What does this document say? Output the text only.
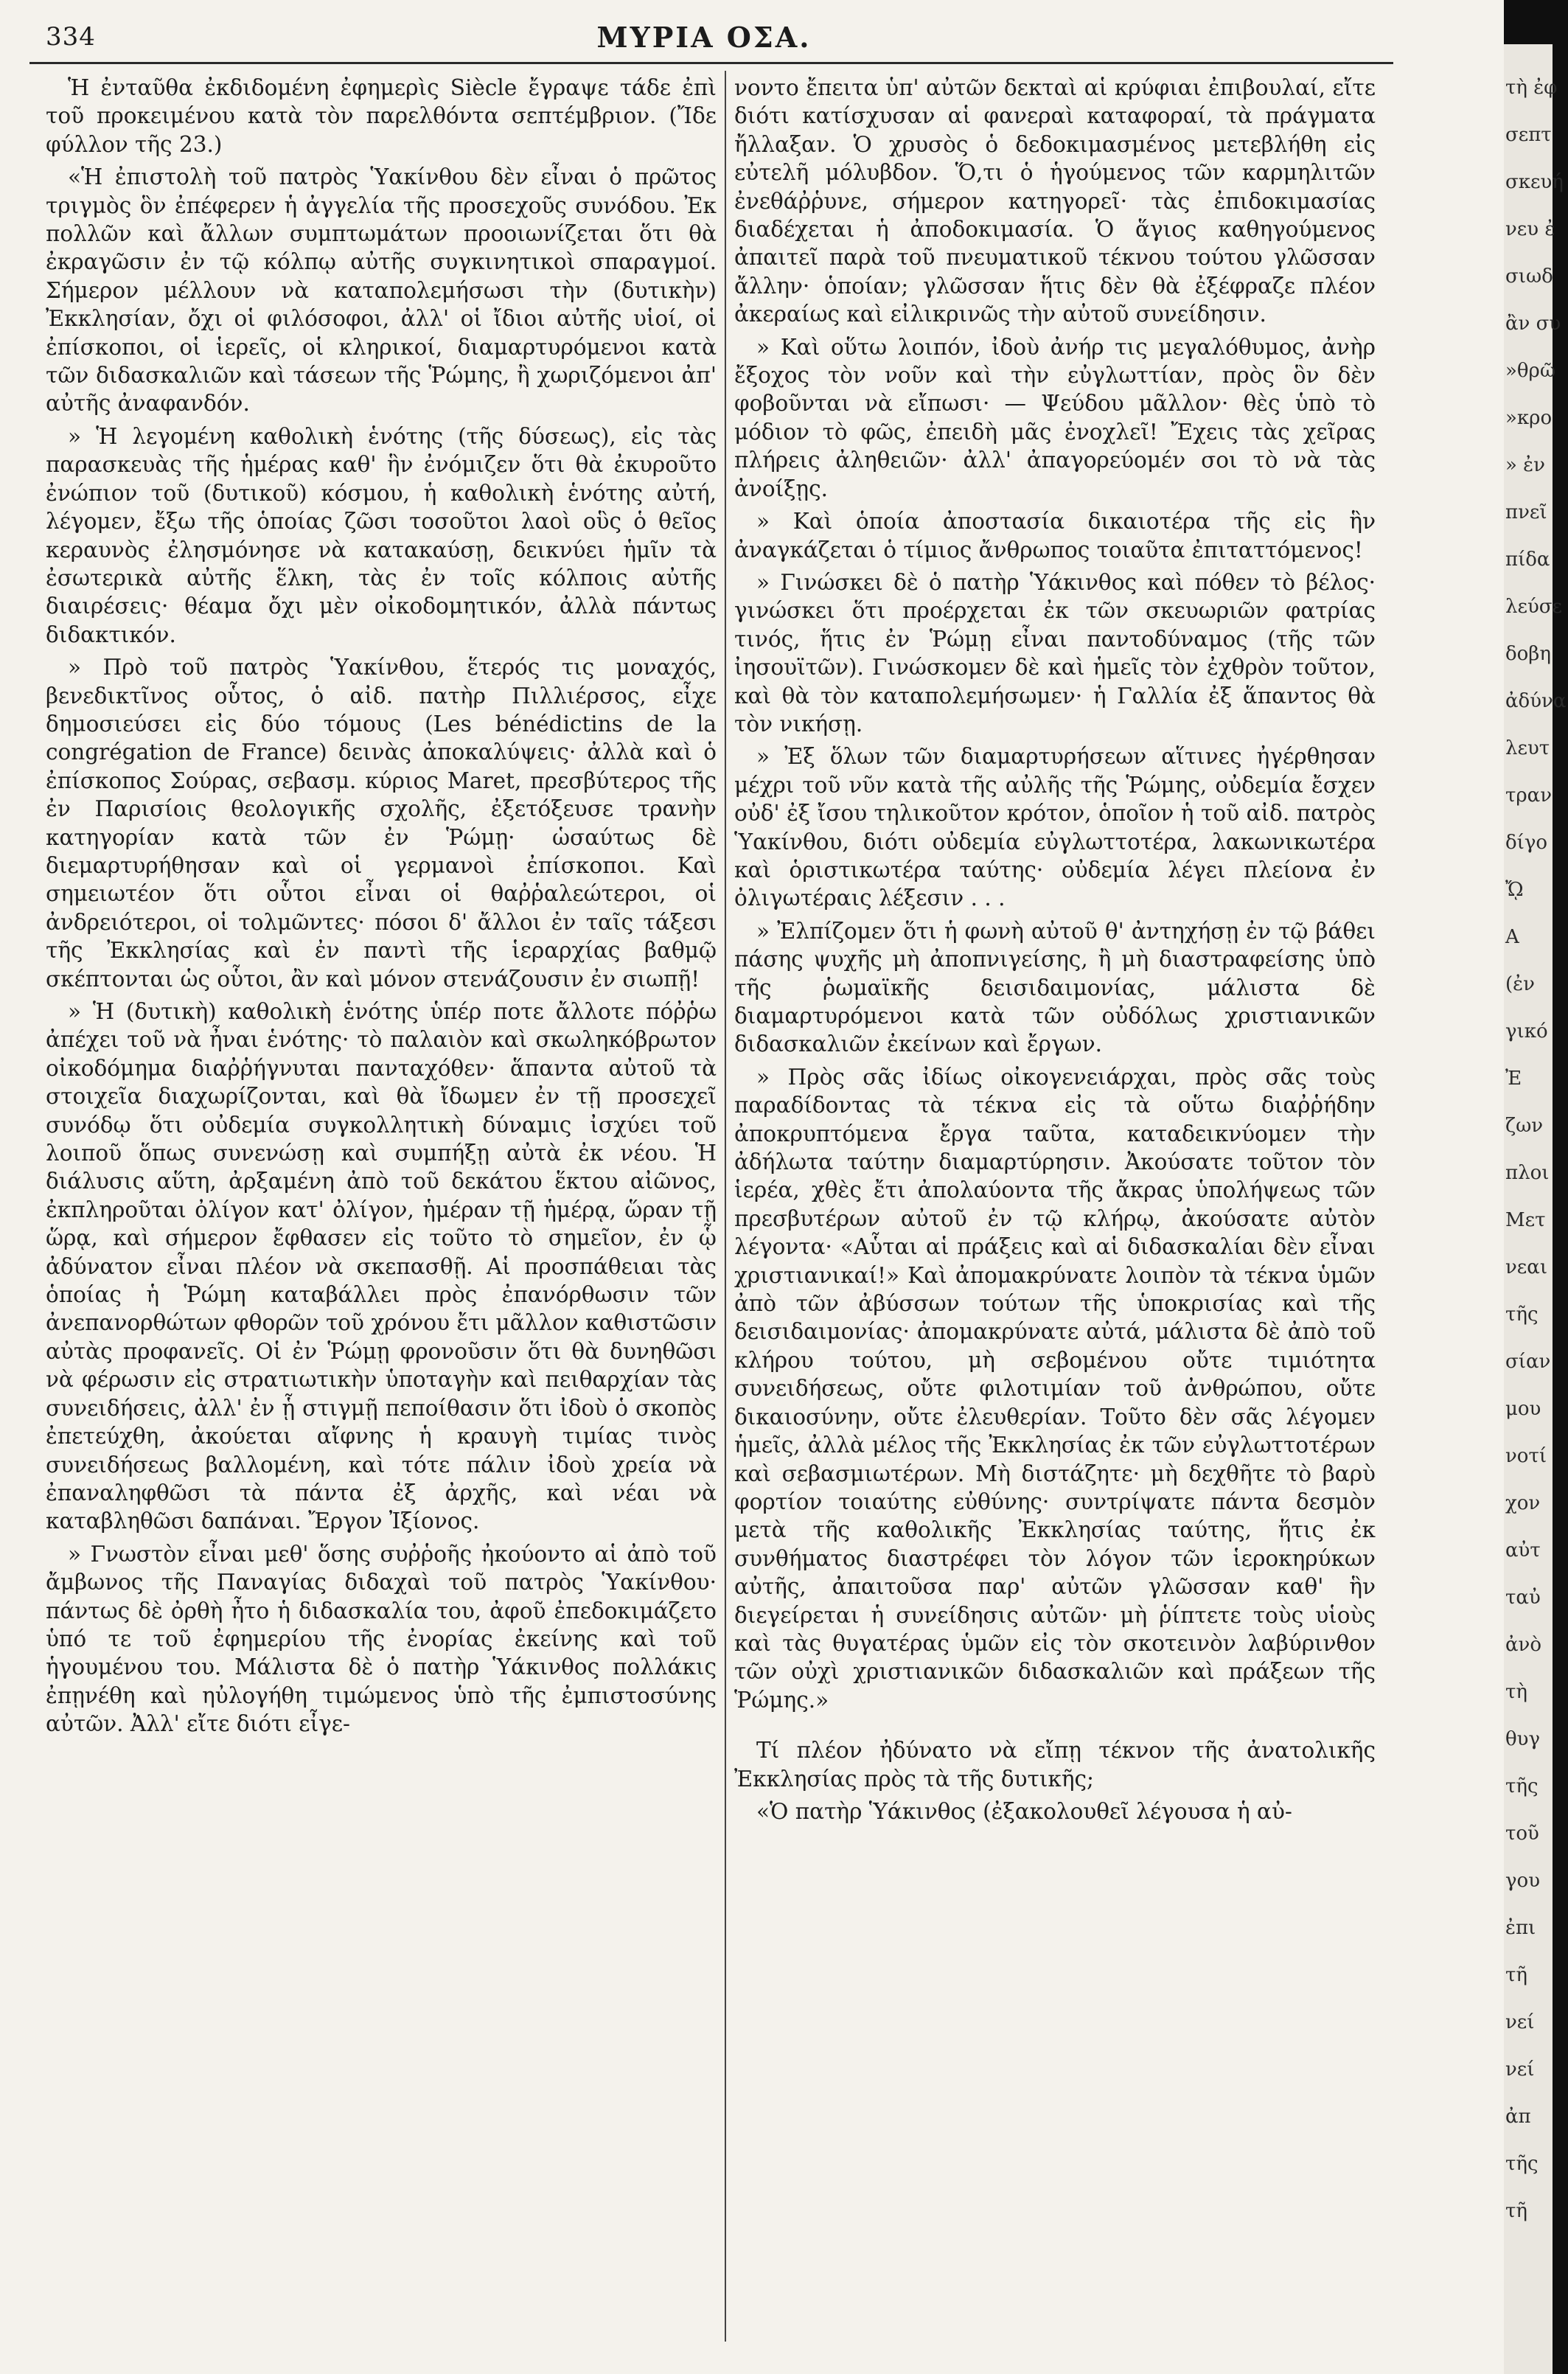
334	ΜΥΡΙΑ ΟΣΑ.

Ἡ ἐνταῦθα ἐκδιδομένη ἐφημερὶς Siècle ἔγραψε τάδε ἐπὶ τοῦ προκειμένου κατὰ τὸν παρελθόντα σεπτέμβριον. (Ἴδε φύλλον τῆς 23.)

«Ἡ ἐπιστολὴ τοῦ πατρὸς Ὑακίνθου δὲν εἶναι ὁ πρῶτος τριγμὸς ὃν ἐπέφερεν ἡ ἀγγελία τῆς προσεχοῦς συνόδου. Ἐκ πολλῶν καὶ ἄλλων συμπτωμάτων προοιωνίζεται ὅτι θὰ ἐκραγῶσιν ἐν τῷ κόλπῳ αὐτῆς συγκινητικοὶ σπαραγμοί. Σήμερον μέλλουν νὰ καταπολεμήσωσι τὴν (δυτικὴν) Ἐκκλησίαν, ὄχι οἱ φιλόσοφοι, ἀλλ' οἱ ἴδιοι αὐτῆς υἱοί, οἱ ἐπίσκοποι, οἱ ἱερεῖς, οἱ κληρικοί, διαμαρτυρόμενοι κατὰ τῶν διδασκαλιῶν καὶ τάσεων τῆς Ῥώμης, ἢ χωριζόμενοι ἀπ' αὐτῆς ἀναφανδόν.

» Ἡ λεγομένη καθολικὴ ἑνότης (τῆς δύσεως), εἰς τὰς παρασκευὰς τῆς ἡμέρας καθ' ἣν ἐνόμιζεν ὅτι θὰ ἐκυροῦτο ἐνώπιον τοῦ (δυτικοῦ) κόσμου, ἡ καθολικὴ ἑνότης αὐτή, λέγομεν, ἔξω τῆς ὁποίας ζῶσι τοσοῦτοι λαοὶ οὓς ὁ θεῖος κεραυνὸς ἐλησμόνησε νὰ κατακαύσῃ, δεικνύει ἡμῖν τὰ ἐσωτερικὰ αὐτῆς ἕλκη, τὰς ἐν τοῖς κόλποις αὐτῆς διαιρέσεις· θέαμα ὄχι μὲν οἰκοδομητικόν, ἀλλὰ πάντως διδακτικόν.

» Πρὸ τοῦ πατρὸς Ὑακίνθου, ἕτερός τις μοναχός, βενεδικτῖνος οὗτος, ὁ αἰδ. πατὴρ Πιλλιέρσος, εἶχε δημοσιεύσει εἰς δύο τόμους (Les bénédictins de la congrégation de France) δεινὰς ἀποκαλύψεις· ἀλλὰ καὶ ὁ ἐπίσκοπος Σούρας, σεβασμ. κύριος Maret, πρεσβύτερος τῆς ἐν Παρισίοις θεολογικῆς σχολῆς, ἐξετόξευσε τρανὴν κατηγορίαν κατὰ τῶν ἐν Ῥώμῃ· ὡσαύτως δὲ διεμαρτυρήθησαν καὶ οἱ γερμανοὶ ἐπίσκοποι. Καὶ σημειωτέον ὅτι οὗτοι εἶναι οἱ θαῤῥαλεώτεροι, οἱ ἀνδρειότεροι, οἱ τολμῶντες· πόσοι δ' ἄλλοι ἐν ταῖς τάξεσι τῆς Ἐκκλησίας καὶ ἐν παντὶ τῆς ἱεραρχίας βαθμῷ σκέπτονται ὡς οὗτοι, ἂν καὶ μόνον στενάζουσιν ἐν σιωπῇ!

» Ἡ (δυτικὴ) καθολικὴ ἑνότης ὑπέρ ποτε ἄλλοτε πόῤῥω ἀπέχει τοῦ νὰ ἦναι ἑνότης· τὸ παλαιὸν καὶ σκωληκόβρωτον οἰκοδόμημα διαῤῥήγνυται πανταχόθεν· ἅπαντα αὐτοῦ τὰ στοιχεῖα διαχωρίζονται, καὶ θὰ ἴδωμεν ἐν τῇ προσεχεῖ συνόδῳ ὅτι οὐδεμία συγκολλητικὴ δύναμις ἰσχύει τοῦ λοιποῦ ὅπως συνενώσῃ καὶ συμπήξῃ αὐτὰ ἐκ νέου. Ἡ διάλυσις αὕτη, ἀρξαμένη ἀπὸ τοῦ δεκάτου ἕκτου αἰῶνος, ἐκπληροῦται ὀλίγον κατ' ὀλίγον, ἡμέραν τῇ ἡμέρᾳ, ὥραν τῇ ὥρᾳ, καὶ σήμερον ἔφθασεν εἰς τοῦτο τὸ σημεῖον, ἐν ᾧ ἀδύνατον εἶναι πλέον νὰ σκεπασθῇ. Αἱ προσπάθειαι τὰς ὁποίας ἡ Ῥώμη καταβάλλει πρὸς ἐπανόρθωσιν τῶν ἀνεπανορθώτων φθορῶν τοῦ χρόνου ἔτι μᾶλλον καθιστῶσιν αὐτὰς προφανεῖς. Οἱ ἐν Ῥώμῃ φρονοῦσιν ὅτι θὰ δυνηθῶσι νὰ φέρωσιν εἰς στρατιωτικὴν ὑποταγὴν καὶ πειθαρχίαν τὰς συνειδήσεις, ἀλλ' ἐν ᾗ στιγμῇ πεποίθασιν ὅτι ἰδοὺ ὁ σκοπὸς ἐπετεύχθη, ἀκούεται αἴφνης ἡ κραυγὴ τιμίας τινὸς συνειδήσεως βαλλομένη, καὶ τότε πάλιν ἰδοὺ χρεία νὰ ἐπαναληφθῶσι τὰ πάντα ἐξ ἀρχῆς, καὶ νέαι νὰ καταβληθῶσι δαπάναι. Ἔργον Ἰξίονος.

» Γνωστὸν εἶναι μεθ' ὅσης συῤῥοῆς ἠκούοντο αἱ ἀπὸ τοῦ ἄμβωνος τῆς Παναγίας διδαχαὶ τοῦ πατρὸς Ὑακίνθου· πάντως δὲ ὀρθὴ ἦτο ἡ διδασκαλία του, ἀφοῦ ἐπεδοκιμάζετο ὑπό τε τοῦ ἐφημερίου τῆς ἐνορίας ἐκείνης καὶ τοῦ ἡγουμένου του. Μάλιστα δὲ ὁ πατὴρ Ὑάκινθος πολλάκις ἐπῃνέθη καὶ ηὐλογήθη τιμώμενος ὑπὸ τῆς ἐμπιστοσύνης αὐτῶν. Ἀλλ' εἴτε διότι εἶγε-

νοντο ἔπειτα ὑπ' αὐτῶν δεκταὶ αἱ κρύφιαι ἐπιβουλαί, εἴτε διότι κατίσχυσαν αἱ φανεραὶ καταφοραί, τὰ πράγματα ἤλλαξαν. Ὁ χρυσὸς ὁ δεδοκιμασμένος μετεβλήθη εἰς εὐτελῆ μόλυβδον. Ὅ,τι ὁ ἡγούμενος τῶν καρμηλιτῶν ἐνεθάῤῥυνε, σήμερον κατηγορεῖ· τὰς ἐπιδοκιμασίας διαδέχεται ἡ ἀποδοκιμασία. Ὁ ἅγιος καθηγούμενος ἀπαιτεῖ παρὰ τοῦ πνευματικοῦ τέκνου τούτου γλῶσσαν ἄλλην· ὁποίαν; γλῶσσαν ἥτις δὲν θὰ ἐξέφραζε πλέον ἀκεραίως καὶ εἰλικρινῶς τὴν αὐτοῦ συνείδησιν.

» Καὶ οὕτω λοιπόν, ἰδοὺ ἀνήρ τις μεγαλόθυμος, ἀνὴρ ἔξοχος τὸν νοῦν καὶ τὴν εὐγλωττίαν, πρὸς ὃν δὲν φοβοῦνται νὰ εἴπωσι· — Ψεύδου μᾶλλον· θὲς ὑπὸ τὸ μόδιον τὸ φῶς, ἐπειδὴ μᾶς ἐνοχλεῖ! Ἔχεις τὰς χεῖρας πλήρεις ἀληθειῶν· ἀλλ' ἀπαγορεύομέν σοι τὸ νὰ τὰς ἀνοίξῃς.

» Καὶ ὁποία ἀποστασία δικαιοτέρα τῆς εἰς ἣν ἀναγκάζεται ὁ τίμιος ἄνθρωπος τοιαῦτα ἐπιταττόμενος!

» Γινώσκει δὲ ὁ πατὴρ Ὑάκινθος καὶ πόθεν τὸ βέλος· γινώσκει ὅτι προέρχεται ἐκ τῶν σκευωριῶν φατρίας τινός, ἥτις ἐν Ῥώμῃ εἶναι παντοδύναμος (τῆς τῶν ἰησουϊτῶν). Γινώσκομεν δὲ καὶ ἡμεῖς τὸν ἐχθρὸν τοῦτον, καὶ θὰ τὸν καταπολεμήσωμεν· ἡ Γαλλία ἐξ ἅπαντος θὰ τὸν νικήσῃ.

» Ἐξ ὅλων τῶν διαμαρτυρήσεων αἵτινες ἠγέρθησαν μέχρι τοῦ νῦν κατὰ τῆς αὐλῆς τῆς Ῥώμης, οὐδεμία ἔσχεν οὐδ' ἐξ ἴσου τηλικοῦτον κρότον, ὁποῖον ἡ τοῦ αἰδ. πατρὸς Ὑακίνθου, διότι οὐδεμία εὐγλωττοτέρα, λακωνικωτέρα καὶ ὁριστικωτέρα ταύτης· οὐδεμία λέγει πλείονα ἐν ὀλιγωτέραις λέξεσιν . . .

» Ἐλπίζομεν ὅτι ἡ φωνὴ αὐτοῦ θ' ἀντηχήσῃ ἐν τῷ βάθει πάσης ψυχῆς μὴ ἀποπνιγείσης, ἢ μὴ διαστραφείσης ὑπὸ τῆς ῥωμαϊκῆς δεισιδαιμονίας, μάλιστα δὲ διαμαρτυρόμενοι κατὰ τῶν οὐδόλως χριστιανικῶν διδασκαλιῶν ἐκείνων καὶ ἔργων.

» Πρὸς σᾶς ἰδίως οἰκογενειάρχαι, πρὸς σᾶς τοὺς παραδίδοντας τὰ τέκνα εἰς τὰ οὕτω διαῤῥήδην ἀποκρυπτόμενα ἔργα ταῦτα, καταδεικνύομεν τὴν ἀδήλωτα ταύτην διαμαρτύρησιν. Ἀκούσατε τοῦτον τὸν ἱερέα, χθὲς ἔτι ἀπολαύοντα τῆς ἄκρας ὑπολήψεως τῶν πρεσβυτέρων αὐτοῦ ἐν τῷ κλήρῳ, ἀκούσατε αὐτὸν λέγοντα· «Αὗται αἱ πράξεις καὶ αἱ διδασκαλίαι δὲν εἶναι χριστιανικαί!» Καὶ ἀπομακρύνατε λοιπὸν τὰ τέκνα ὑμῶν ἀπὸ τῶν ἀβύσσων τούτων τῆς ὑποκρισίας καὶ τῆς δεισιδαιμονίας· ἀπομακρύνατε αὐτά, μάλιστα δὲ ἀπὸ τοῦ κλήρου τούτου, μὴ σεβομένου οὔτε τιμιότητα συνειδήσεως, οὔτε φιλοτιμίαν τοῦ ἀνθρώπου, οὔτε δικαιοσύνην, οὔτε ἐλευθερίαν. Τοῦτο δὲν σᾶς λέγομεν ἡμεῖς, ἀλλὰ μέλος τῆς Ἐκκλησίας ἐκ τῶν εὐγλωττοτέρων καὶ σεβασμιωτέρων. Μὴ διστάζητε· μὴ δεχθῆτε τὸ βαρὺ φορτίον τοιαύτης εὐθύνης· συντρίψατε πάντα δεσμὸν μετὰ τῆς καθολικῆς Ἐκκλησίας ταύτης, ἥτις ἐκ συνθήματος διαστρέφει τὸν λόγον τῶν ἱεροκηρύκων αὐτῆς, ἀπαιτοῦσα παρ' αὐτῶν γλῶσσαν καθ' ἣν διεγείρεται ἡ συνείδησις αὐτῶν· μὴ ῥίπτετε τοὺς υἱοὺς καὶ τὰς θυγατέρας ὑμῶν εἰς τὸν σκοτεινὸν λαβύρινθον τῶν οὐχὶ χριστιανικῶν διδασκαλιῶν καὶ πράξεων τῆς Ῥώμης.»

Τί πλέον ἠδύνατο νὰ εἴπῃ τέκνον τῆς ἀνατολικῆς Ἐκκλησίας πρὸς τὰ τῆς δυτικῆς;

«Ὁ πατὴρ Ὑάκινθος (ἐξακολουθεῖ λέγουσα ἡ αὐ-

τὴ ἐφ
σεπτ
σκευή
νευ ἐ
σιωδ
ἂν συ
»θρῶ
»κρο
» ἐν
πνεῖ
πίδα
λεύσε
δοβη
ἀδύνα
λευτ
τραν
δίγο
ᾬ
Α
(ἐν
γικό
Ἐ
ζων
πλοι
Μετ
νεαι
τῆς
σίαν
μου
νοτί
χον
αὐτ
ταὐ
ἀνὸ
τὴ
θυγ
τῆς
τοῦ
γου
ἐπι
τῆ
νεί
νεί
ἀπ
τῆς
τῆ
